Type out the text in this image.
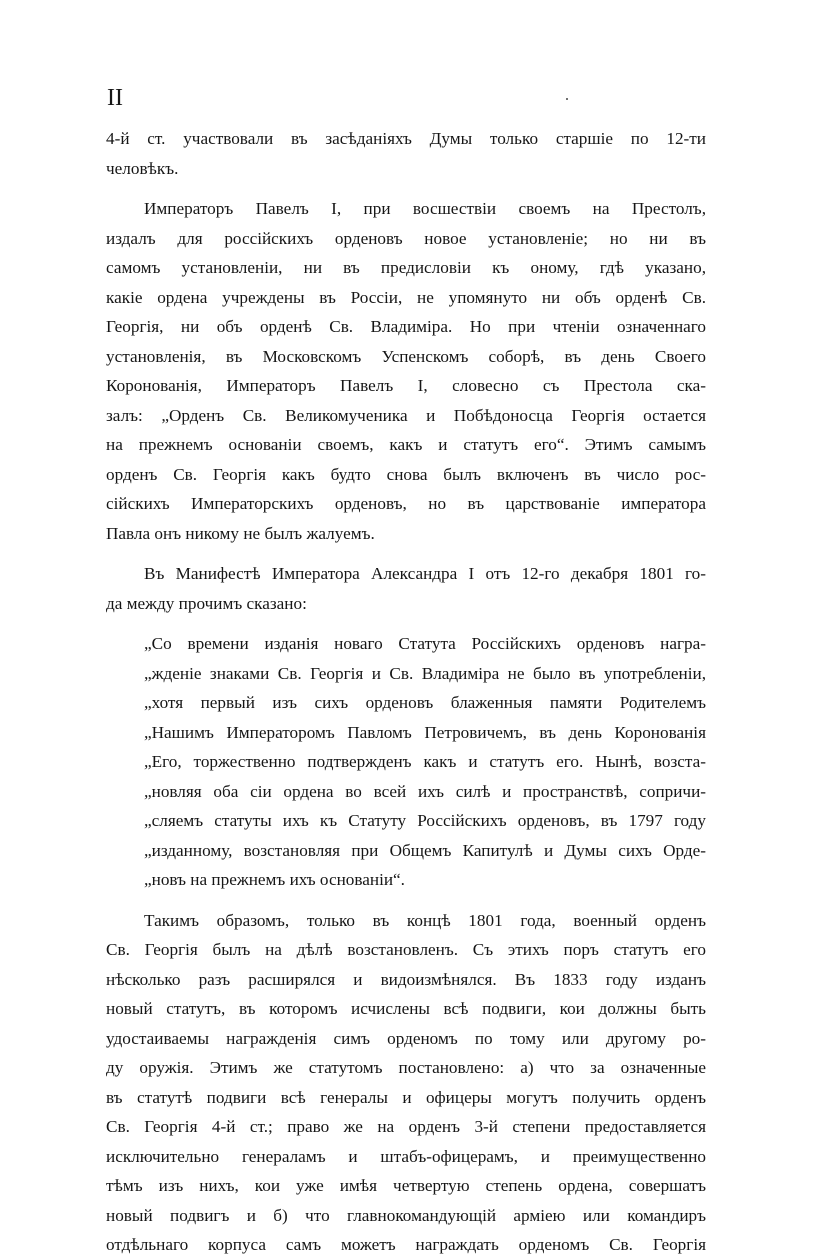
II
4-й ст. участвовали въ засѣданіяхъ Думы только старшіе по 12-ти
человѣкъ.
Императоръ Павелъ I, при восшествіи своемъ на Престолъ,
издалъ для россійскихъ орденовъ новое установленіе; но ни въ
самомъ установленіи, ни въ предисловіи къ оному, гдѣ указано,
какіе ордена учреждены въ Россіи, не упомянуто ни объ орденѣ Св.
Георгія, ни объ орденѣ Св. Владиміра. Но при чтеніи означеннаго
установленія, въ Московскомъ Успенскомъ соборѣ, въ день Своего
Коронованія, Императоръ Павелъ I, словесно съ Престола ска-
залъ: „Орденъ Св. Великомученика и Побѣдоносца Георгія остается
на прежнемъ основаніи своемъ, какъ и статутъ его“. Этимъ самымъ
орденъ Св. Георгія какъ будто снова былъ включенъ въ число рос-
сійскихъ Императорскихъ орденовъ, но въ царствованіе императора
Павла онъ никому не былъ жалуемъ.
Въ Манифестѣ Императора Александра I отъ 12-го декабря 1801 го-
да между прочимъ сказано:
„Со времени изданія новаго Статута Россійскихъ орденовъ награ-
„жденіе знаками Св. Георгія и Св. Владиміра не было въ употребленіи,
„хотя первый изъ сихъ орденовъ блаженныя памяти Родителемъ
„Нашимъ Императоромъ Павломъ Петровичемъ, въ день Коронованія
„Его, торжественно подтвержденъ какъ и статутъ его. Нынѣ, возста-
„новляя оба сіи ордена во всей ихъ силѣ и пространствѣ, сопричи-
„сляемъ статуты ихъ къ Статуту Россійскихъ орденовъ, въ 1797 году
„изданному, возстановляя при Общемъ Капитулѣ и Думы сихъ Орде-
„новъ на прежнемъ ихъ основаніи“.
Такимъ образомъ, только въ концѣ 1801 года, военный орденъ
Св. Георгія былъ на дѣлѣ возстановленъ. Съ этихъ поръ статутъ его
нѣсколько разъ расширялся и видоизмѣнялся. Въ 1833 году изданъ
новый статутъ, въ которомъ исчислены всѣ подвиги, кои должны быть
удостаиваемы награжденія симъ орденомъ по тому или другому ро-
ду оружія. Этимъ же статутомъ постановлено: а) что за означенные
въ статутѣ подвиги всѣ генералы и офицеры могутъ получить орденъ
Св. Георгія 4-й ст.; право же на орденъ 3-й степени предоставляется
исключительно генераламъ и штабъ-офицерамъ, и преимущественно
тѣмъ изъ нихъ, кои уже имѣя четвертую степень ордена, совершатъ
новый подвигъ и б) что главнокомандующій арміею или командиръ
отдѣльнаго корпуса самъ можетъ награждать орденомъ Св. Георгія
